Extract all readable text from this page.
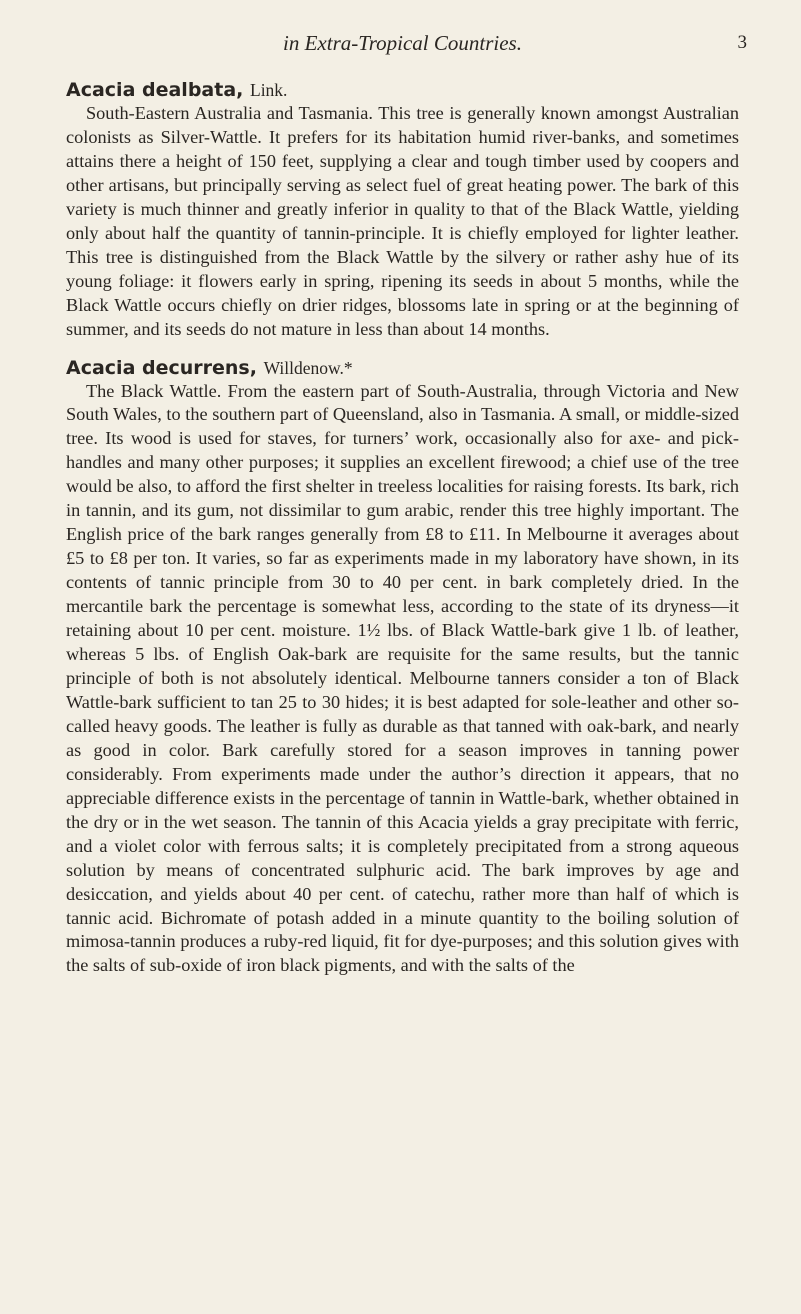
in Extra-Tropical Countries.	3

Acacia dealbata, Link.

South-Eastern Australia and Tasmania. This tree is generally known amongst Australian colonists as Silver-Wattle. It prefers for its habitation humid river-banks, and sometimes attains there a height of 150 feet, supplying a clear and tough timber used by coopers and other artisans, but principally serving as select fuel of great heating power. The bark of this variety is much thinner and greatly inferior in quality to that of the Black Wattle, yielding only about half the quantity of tannin-principle. It is chiefly employed for lighter leather. This tree is distinguished from the Black Wattle by the silvery or rather ashy hue of its young foliage: it flowers early in spring, ripening its seeds in about 5 months, while the Black Wattle occurs chiefly on drier ridges, blossoms late in spring or at the beginning of summer, and its seeds do not mature in less than about 14 months.

Acacia decurrens, Willdenow.*

The Black Wattle. From the eastern part of South-Australia, through Victoria and New South Wales, to the southern part of Queensland, also in Tasmania. A small, or middle-sized tree. Its wood is used for staves, for turners’ work, occasionally also for axe- and pick-handles and many other purposes; it supplies an excellent firewood; a chief use of the tree would be also, to afford the first shelter in treeless localities for raising forests. Its bark, rich in tannin, and its gum, not dissimilar to gum arabic, render this tree highly important. The English price of the bark ranges generally from £8 to £11. In Melbourne it averages about £5 to £8 per ton. It varies, so far as experiments made in my laboratory have shown, in its contents of tannic principle from 30 to 40 per cent. in bark completely dried. In the mercantile bark the percentage is somewhat less, according to the state of its dryness—it retaining about 10 per cent. moisture. 1½ lbs. of Black Wattle-bark give 1 lb. of leather, whereas 5 lbs. of English Oak-bark are requisite for the same results, but the tannic principle of both is not absolutely identical. Melbourne tanners consider a ton of Black Wattle-bark sufficient to tan 25 to 30 hides; it is best adapted for sole-leather and other so-called heavy goods. The leather is fully as durable as that tanned with oak-bark, and nearly as good in color. Bark carefully stored for a season improves in tanning power considerably. From experiments made under the author’s direction it appears, that no appreciable difference exists in the percentage of tannin in Wattle-bark, whether obtained in the dry or in the wet season. The tannin of this Acacia yields a gray precipitate with ferric, and a violet color with ferrous salts; it is completely precipitated from a strong aqueous solution by means of concentrated sulphuric acid. The bark improves by age and desiccation, and yields about 40 per cent. of catechu, rather more than half of which is tannic acid. Bichromate of potash added in a minute quantity to the boiling solution of mimosa-tannin produces a ruby-red liquid, fit for dye-purposes; and this solution gives with the salts of sub-oxide of iron black pigments, and with the salts of the
